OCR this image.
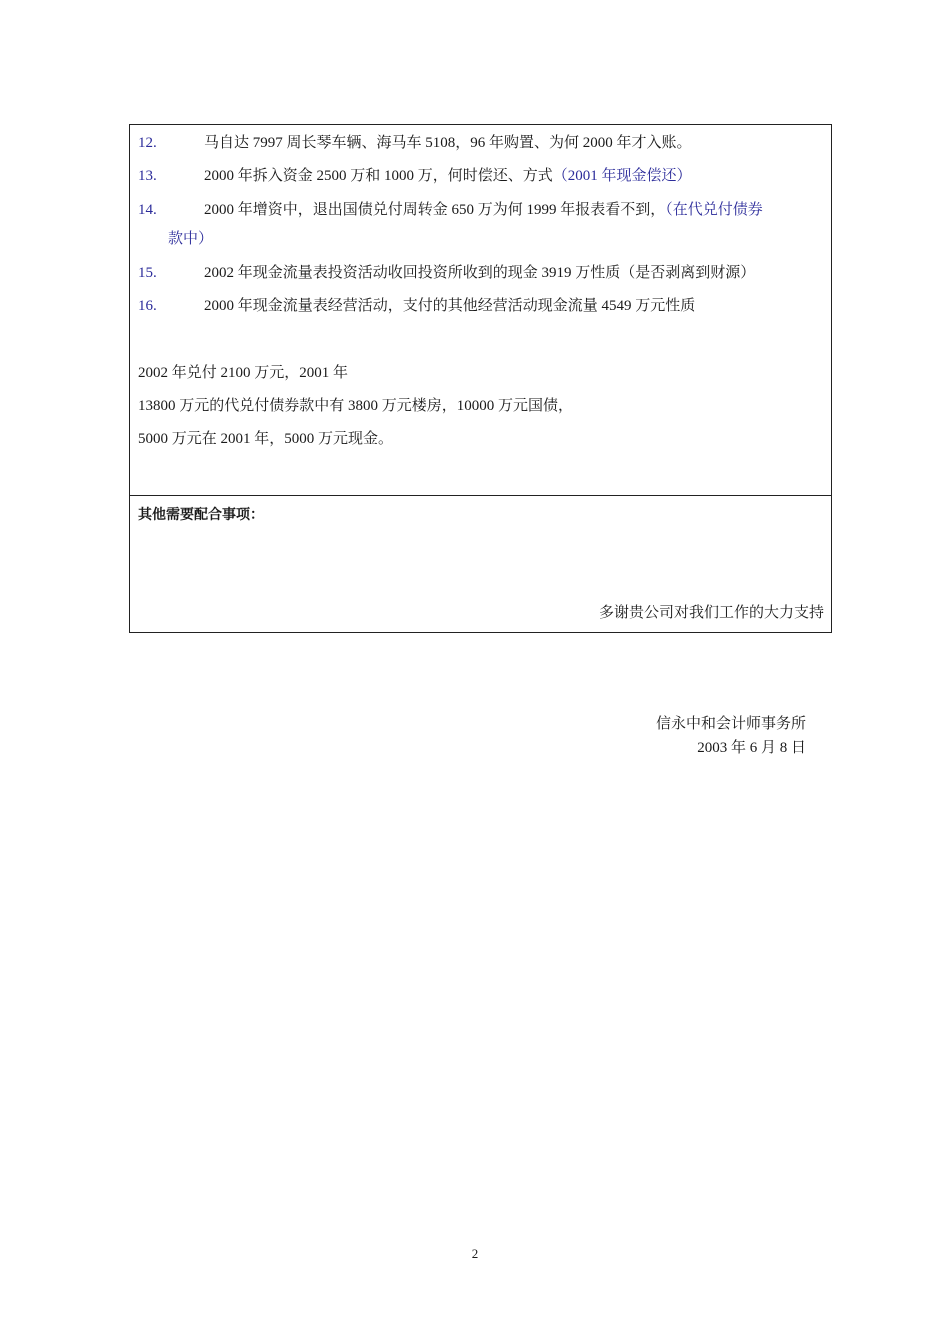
12.	马自达 7997 周长琴车辆、海马车 5108，96 年购置、为何 2000 年才入账。
13.	2000 年拆入资金 2500 万和 1000 万，何时偿还、方式（2001 年现金偿还）
14.	2000 年增资中，退出国债兑付周转金 650 万为何 1999 年报表看不到，（在代兑付债券
款中）
15.	2002 年现金流量表投资活动收回投资所收到的现金 3919 万性质（是否剥离到财源）
16.	2000 年现金流量表经营活动，支付的其他经营活动现金流量 4549 万元性质
2002 年兑付 2100 万元，2001 年
13800 万元的代兑付债券款中有 3800 万元楼房，10000 万元国债，
5000 万元在 2001 年，5000 万元现金。
其他需要配合事项：
多谢贵公司对我们工作的大力支持
信永中和会计师事务所
2003 年 6 月 8 日
2
